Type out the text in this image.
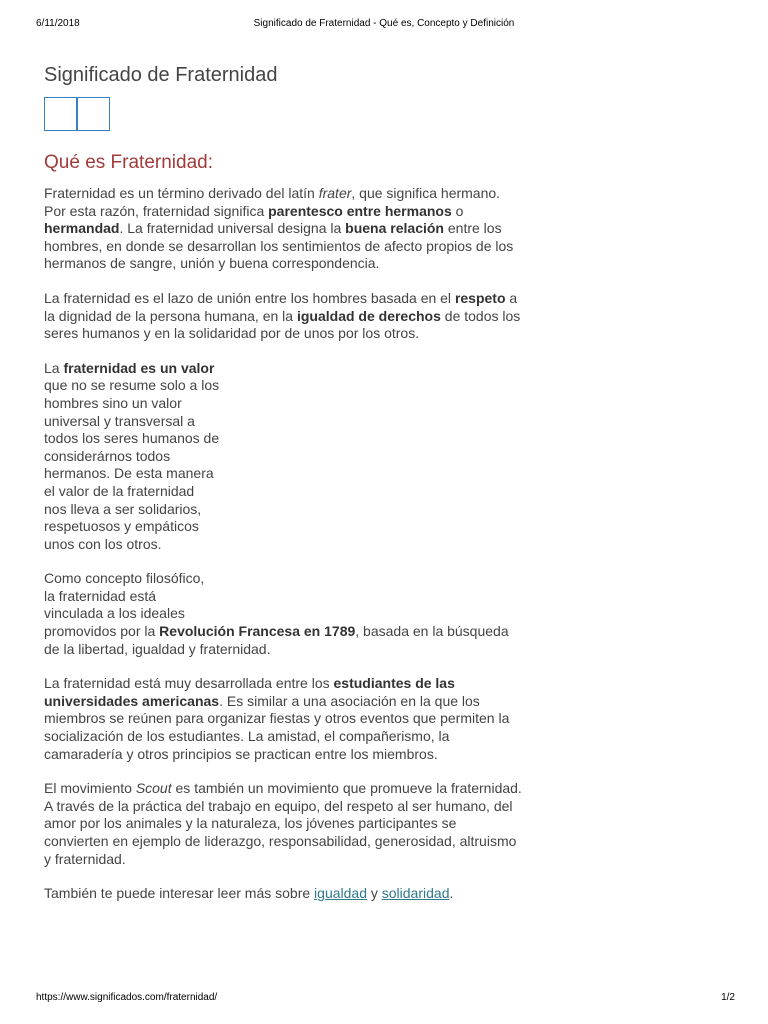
6/11/2018	Significado de Fraternidad - Qué es, Concepto y Definición
Significado de Fraternidad
Qué es Fraternidad:

Fraternidad es un término derivado del latín frater, que significa hermano. Por esta razón, fraternidad significa parentesco entre hermanos o hermandad. La fraternidad universal designa la buena relación entre los hombres, en donde se desarrollan los sentimientos de afecto propios de los hermanos de sangre, unión y buena correspondencia.

La fraternidad es el lazo de unión entre los hombres basada en el respeto a la dignidad de la persona humana, en la igualdad de derechos de todos los seres humanos y en la solidaridad por de unos por los otros.

La fraternidad es un valor que no se resume solo a los hombres sino un valor universal y transversal a todos los seres humanos de considerárnos todos hermanos. De esta manera el valor de la fraternidad nos lleva a ser solidarios, respetuosos y empáticos unos con los otros.

Como concepto filosófico,
la fraternidad está
vinculada a los ideales
promovidos por la Revolución Francesa en 1789, basada en la búsqueda de la libertad, igualdad y fraternidad.

La fraternidad está muy desarrollada entre los estudiantes de las universidades americanas. Es similar a una asociación en la que los miembros se reúnen para organizar fiestas y otros eventos que permiten la socialización de los estudiantes. La amistad, el compañerismo, la camaradería y otros principios se practican entre los miembros.

El movimiento Scout es también un movimiento que promueve la fraternidad. A través de la práctica del trabajo en equipo, del respeto al ser humano, del amor por los animales y la naturaleza, los jóvenes participantes se convierten en ejemplo de liderazgo, responsabilidad, generosidad, altruismo y fraternidad.

También te puede interesar leer más sobre igualdad y solidaridad.

https://www.significados.com/fraternidad/	1/2
